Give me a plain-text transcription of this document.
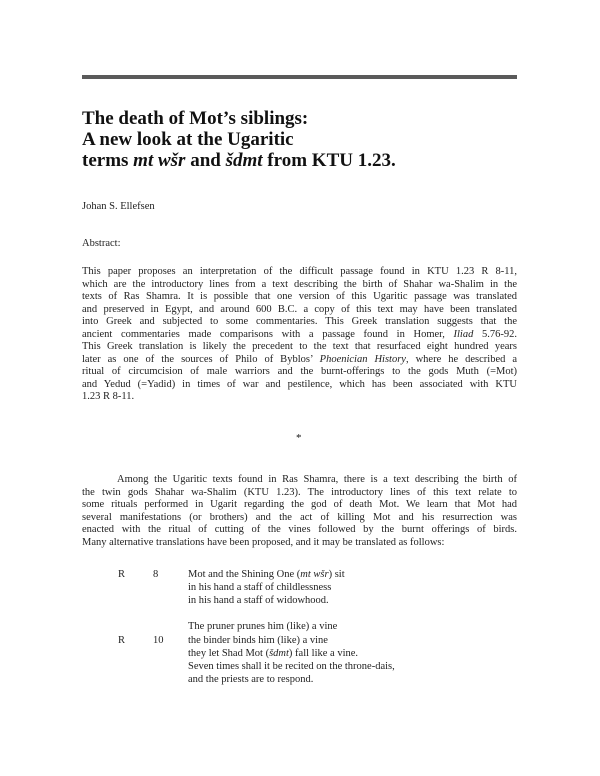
The death of Mot’s siblings:
A new look at the Ugaritic
terms mt wšr and šdmt from KTU 1.23.
Johan S. Ellefsen
Abstract:
This paper proposes an interpretation of the difficult passage found in KTU 1.23 R 8-11,
which are the introductory lines from a text describing the birth of Shahar wa-Shalim in the
texts of Ras Shamra. It is possible that one version of this Ugaritic passage was translated
and preserved in Egypt, and around 600 B.C. a copy of this text may have been translated
into Greek and subjected to some commentaries. This Greek translation suggests that the
ancient commentaries made comparisons with a passage found in Homer, Iliad 5.76-92.
This Greek translation is likely the precedent to the text that resurfaced eight hundred years
later as one of the sources of Philo of Byblos’ Phoenician History, where he described a
ritual of circumcision of male warriors and the burnt-offerings to the gods Muth (=Mot)
and Yedud (=Yadid) in times of war and pestilence, which has been associated with KTU
1.23 R 8-11.
*
Among the Ugaritic texts found in Ras Shamra, there is a text describing the birth of
the twin gods Shahar wa-Shalim (KTU 1.23). The introductory lines of this text relate to
some rituals performed in Ugarit regarding the god of death Mot. We learn that Mot had
several manifestations (or brothers) and the act of killing Mot and his resurrection was
enacted with the ritual of cutting of the vines followed by the burnt offerings of birds.
Many alternative translations have been proposed, and it may be translated as follows:
R	8	Mot and the Shining One (mt wšr) sit
in his hand a staff of childlessness
in his hand a staff of widowhood.
The pruner prunes him (like) a vine
R	10 the binder binds him (like) a vine
they let Shad Mot (šdmt) fall like a vine.
Seven times shall it be recited on the throne-dais,
and the priests are to respond.
